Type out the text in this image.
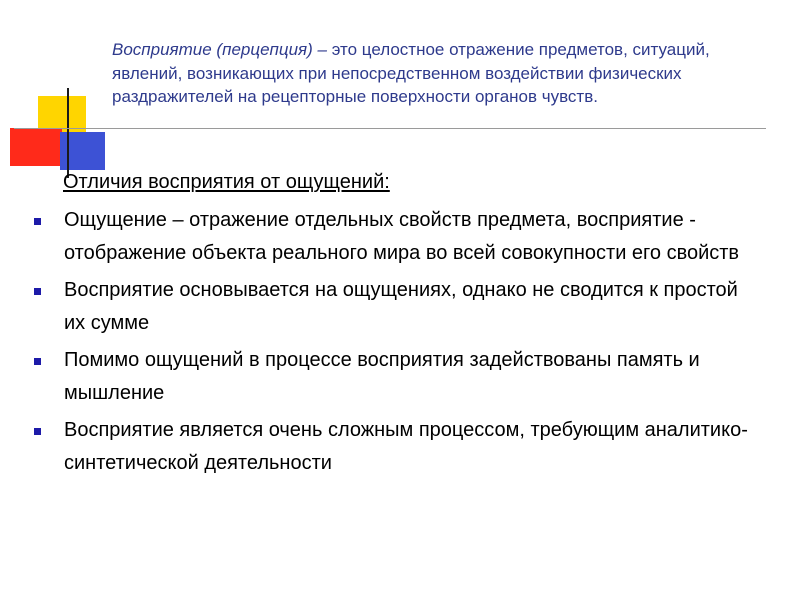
Восприятие (перцепция) – это целостное отражение предметов, ситуаций, явлений, возникающих при непосредственном воздействии физических раздражителей на рецепторные поверхности органов чувств.
Отличия восприятия от ощущений:
Ощущение – отражение отдельных свойств предмета, восприятие - отображение объекта реального мира во всей совокупности его свойств
Восприятие основывается на ощущениях, однако не сводится к простой их сумме
Помимо ощущений в процессе восприятия задействованы память и мышление
Восприятие является очень сложным процессом, требующим аналитико-синтетической деятельности
